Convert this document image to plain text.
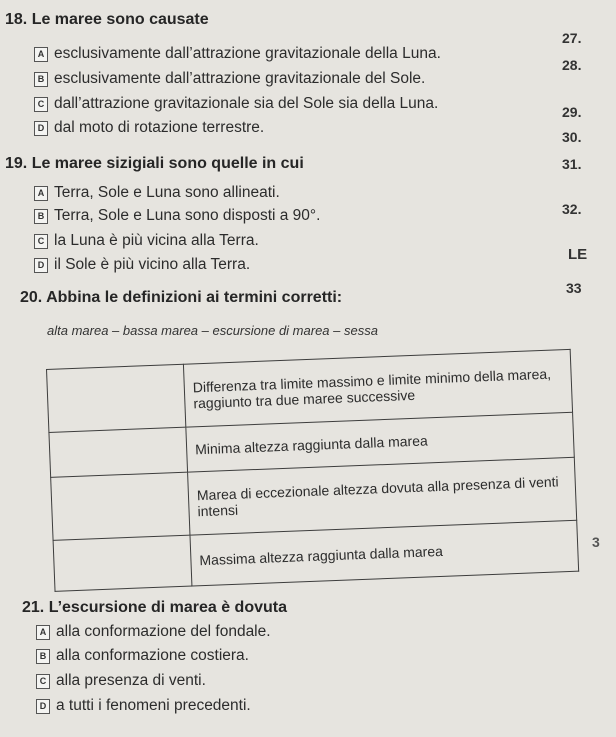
18. Le maree sono causate
A esclusivamente dall’attrazione gravitazionale della Luna.
B esclusivamente dall’attrazione gravitazionale del Sole.
C dall’attrazione gravitazionale sia del Sole sia della Luna.
D dal moto di rotazione terrestre.
19. Le maree sizigiali sono quelle in cui
A Terra, Sole e Luna sono allineati.
B Terra, Sole e Luna sono disposti a 90°.
C la Luna è più vicina alla Terra.
D il Sole è più vicino alla Terra.
20. Abbina le definizioni ai termini corretti:
alta marea – bassa marea – escursione di marea – sessa
	Differenza tra limite massimo e limite minimo della marea, raggiunto tra due maree successive
	Minima altezza raggiunta dalla marea
	Marea di eccezionale altezza dovuta alla presenza di venti intensi
	Massima altezza raggiunta dalla marea
21. L’escursione di marea è dovuta
A alla conformazione del fondale.
B alla conformazione costiera.
C alla presenza di venti.
D a tutti i fenomeni precedenti.
27.
28.
29.
30.
31.
32.
LE
33
3
